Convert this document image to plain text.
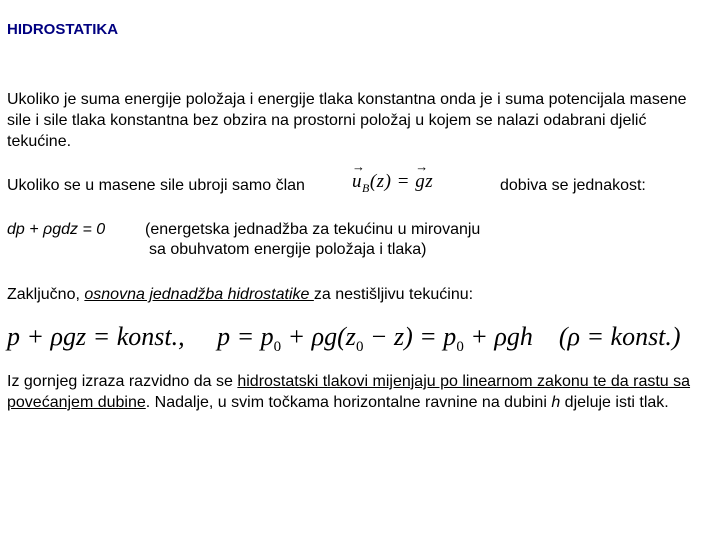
HIDROSTATIKA
Ukoliko je suma energije položaja i energije tlaka konstantna onda je i suma potencijala masene sile i sile tlaka konstantna bez obzira na prostorni položaj u kojem se nalazi odabrani djelić tekućine.
Ukoliko se u masene sile ubroji samo član
→ $u_B(z)$ = → gz	dobiva se jednakost:
dp + ρgdz = 0 (energetska jednadžba za tekućinu u mirovanju
sa obuhvatom energije položaja i tlaka)
Zaključno, osnovna jednadžba hidrostatike za nestišljivu tekućinu:
p + ρgz = konst., $p = p_0 + \rho g(z_0 - z) = p_0 + \rho gh$ (ρ = konst.)
Iz gornjeg izraza razvidno da se hidrostatski tlakovi mijenjaju po linearnom zakonu te da rastu sa povećanjem dubine. Nadalje, u svim točkama horizontalne ravnine na dubini h djeluje isti tlak.
